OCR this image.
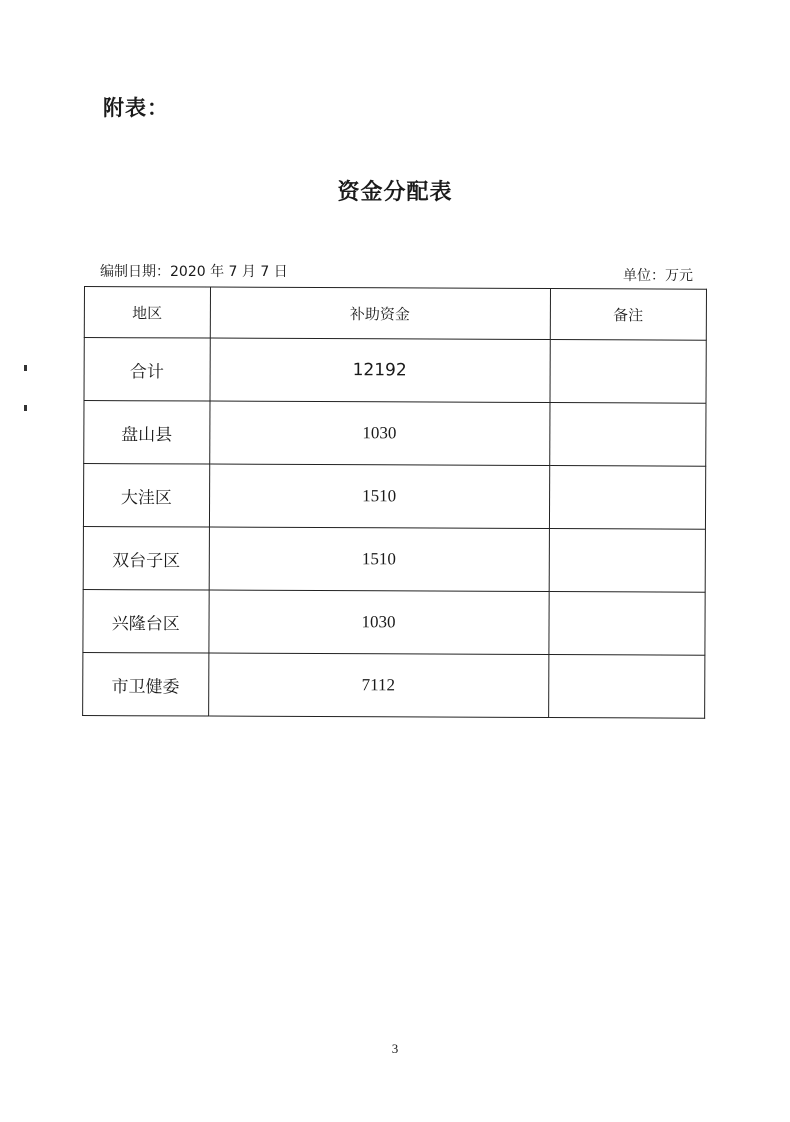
附表：
资金分配表
编制日期：2020 年 7 月 7 日	单位：万元
地区	补助资金	备注
合计	12192	
盘山县	1030	
大洼区	1510	
双台子区	1510	
兴隆台区	1030	
市卫健委	7112	
3
